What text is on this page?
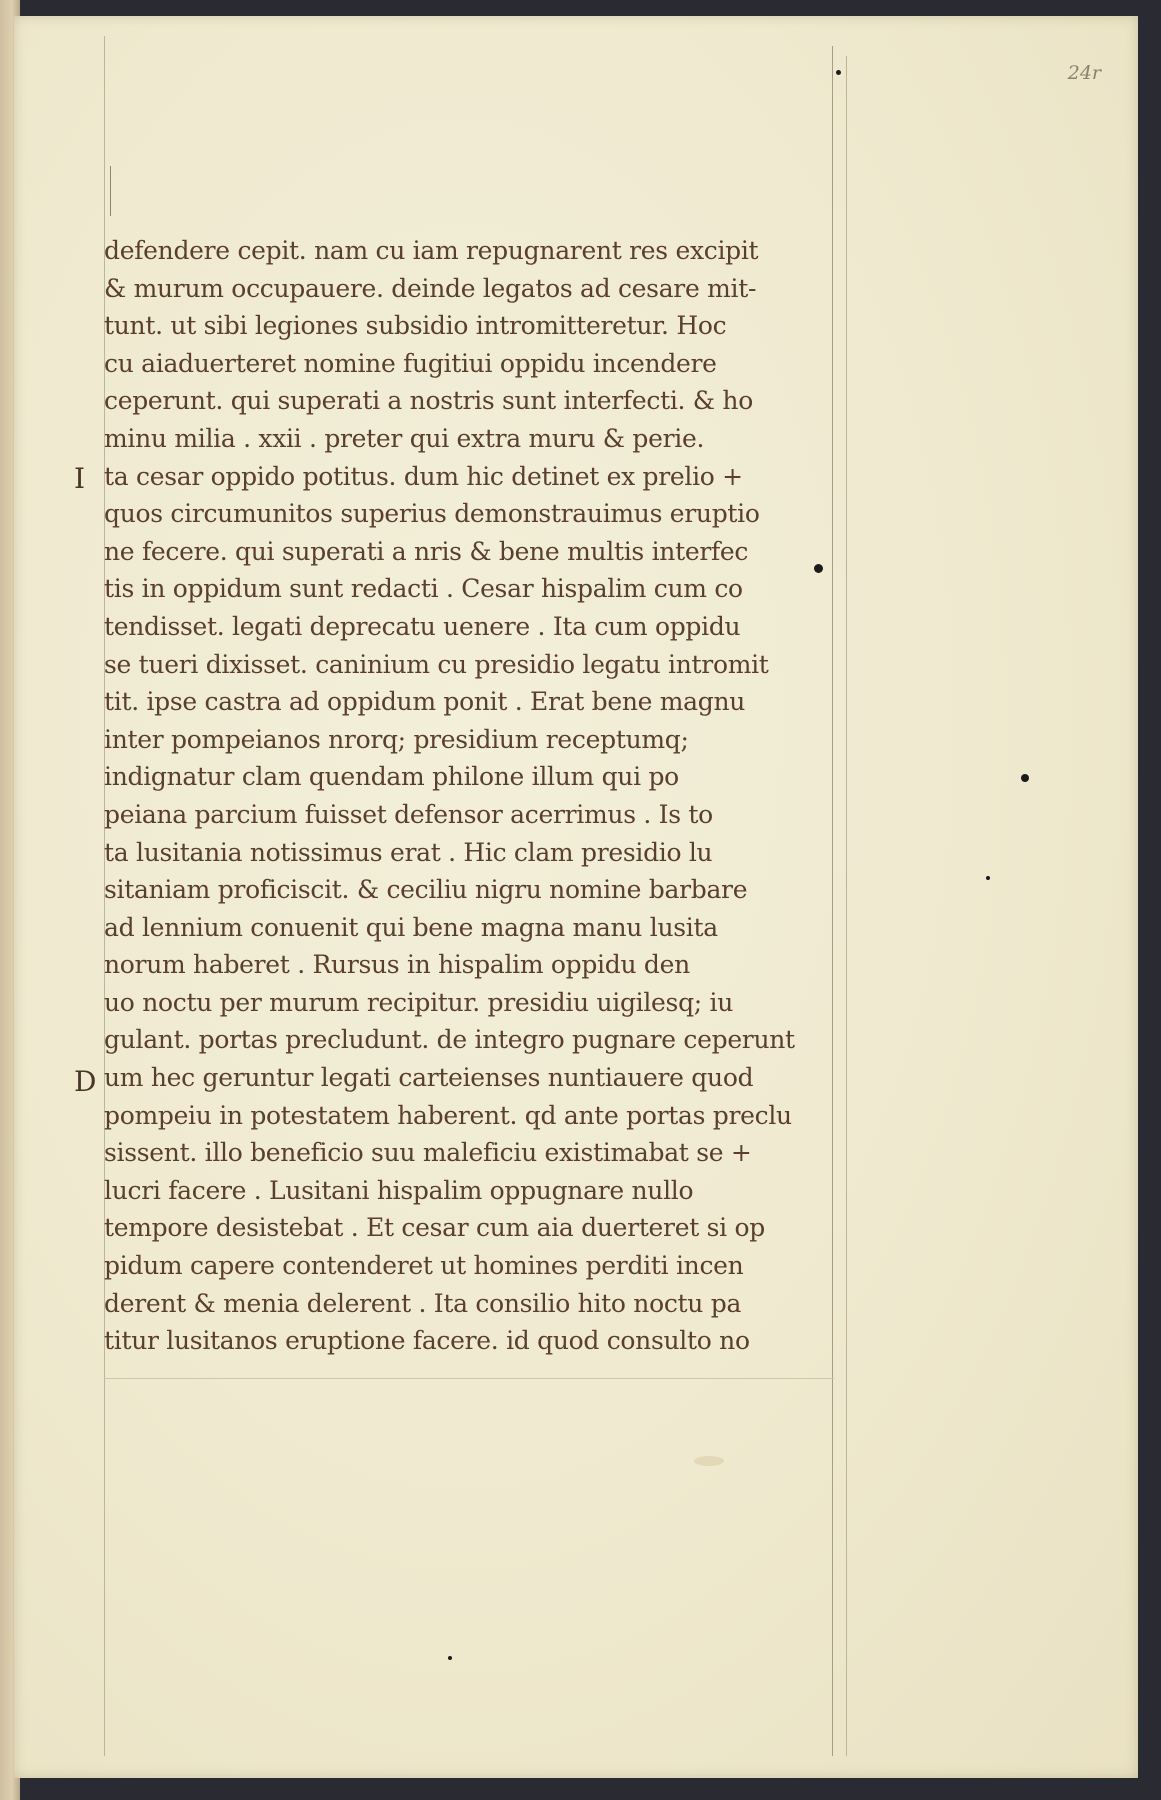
24r
defendere cepit. nam cu iam repugnarent res excipit
& murum occupauere. deinde legatos ad cesare mit-
tunt. ut sibi legiones subsidio intromitteretur. Hoc
cu aiaduerteret nomine fugitiui oppidu incendere
ceperunt. qui superati a nostris sunt interfecti. & ho
minu milia . xxii . preter qui extra muru & perie.
ta cesar oppido potitus. dum hic detinet ex prelio +
quos circumunitos superius demonstrauimus eruptio
ne fecere. qui superati a nris & bene multis interfec
tis in oppidum sunt redacti . Cesar hispalim cum co
tendisset. legati deprecatu uenere . Ita cum oppidu
se tueri dixisset. caninium cu presidio legatu intromit
tit. ipse castra ad oppidum ponit . Erat bene magnu
inter pompeianos nrorq; presidium receptumq;
indignatur clam quendam philone illum qui po
peiana parcium fuisset defensor acerrimus . Is to
ta lusitania notissimus erat . Hic clam presidio lu
sitaniam proficiscit. & ceciliu nigru nomine barbare
ad lennium conuenit qui bene magna manu lusita
norum haberet . Rursus in hispalim oppidu den
uo noctu per murum recipitur. presidiu uigilesq; iu
gulant. portas precludunt. de integro pugnare ceperunt
um hec geruntur legati carteienses nuntiauere quod
pompeiu in potestatem haberent. qd ante portas preclu
sissent. illo beneficio suu maleficiu existimabat se +
lucri facere . Lusitani hispalim oppugnare nullo
tempore desistebat . Et cesar cum aia duerteret si op
pidum capere contenderet ut homines perditi incen
derent & menia delerent . Ita consilio hito noctu pa
titur lusitanos eruptione facere. id quod consulto no
I
D
